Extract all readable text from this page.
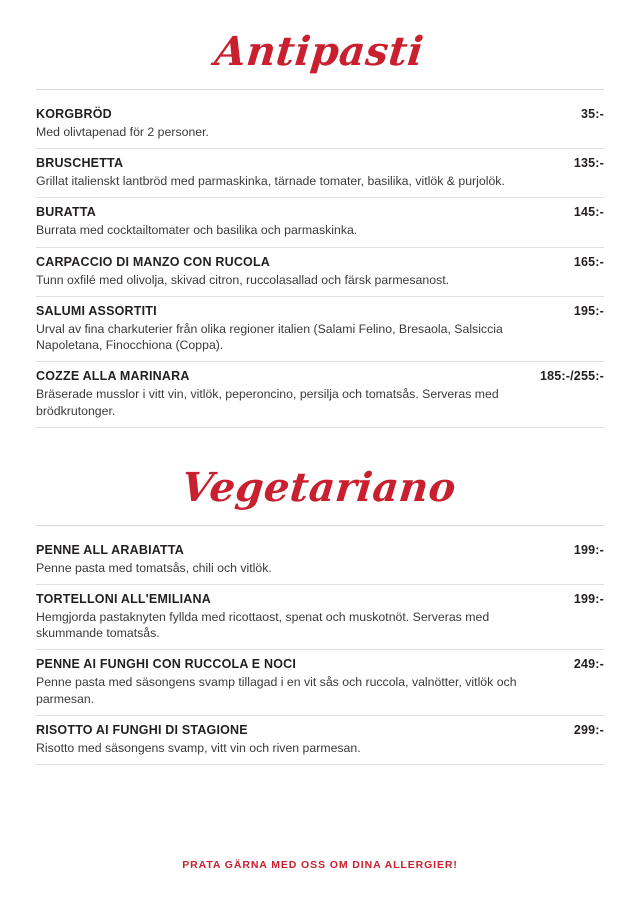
Antipasti
KORGBRÖD	35:-
Med olivtapenad för 2 personer.
BRUSCHETTA	135:-
Grillat italienskt lantbröd med parmaskinka, tärnade tomater, basilika, vitlök & purjolök.
BURATTA	145:-
Burrata med cocktailtomater och basilika och parmaskinka.
CARPACCIO DI MANZO CON RUCOLA	165:-
Tunn oxfilé med olivolja, skivad citron, ruccolasallad och färsk parmesanost.
SALUMI ASSORTITI	195:-
Urval av fina charkuterier från olika regioner italien (Salami Felino, Bresaola, Salsiccia Napoletana, Finocchiona (Coppa).
COZZE ALLA MARINARA	185:-/255:-
Bräserade musslor i vitt vin, vitlök, peperoncino, persilja och tomatsås. Serveras med brödkrutonger.
Vegetariano
PENNE ALL ARABIATTA	199:-
Penne pasta med tomatsås, chili och vitlök.
TORTELLONI ALL'EMILIANA	199:-
Hemgjorda pastaknyten fyllda med ricottaost, spenat och muskotnöt. Serveras med skummande tomatsås.
PENNE AI FUNGHI CON RUCCOLA E NOCI	249:-
Penne pasta med säsongens svamp tillagad i en vit sås och ruccola, valnötter, vitlök och parmesan.
RISOTTO AI FUNGHI DI STAGIONE	299:-
Risotto med säsongens svamp, vitt vin och riven parmesan.
PRATA GÄRNA MED OSS OM DINA ALLERGIER!
